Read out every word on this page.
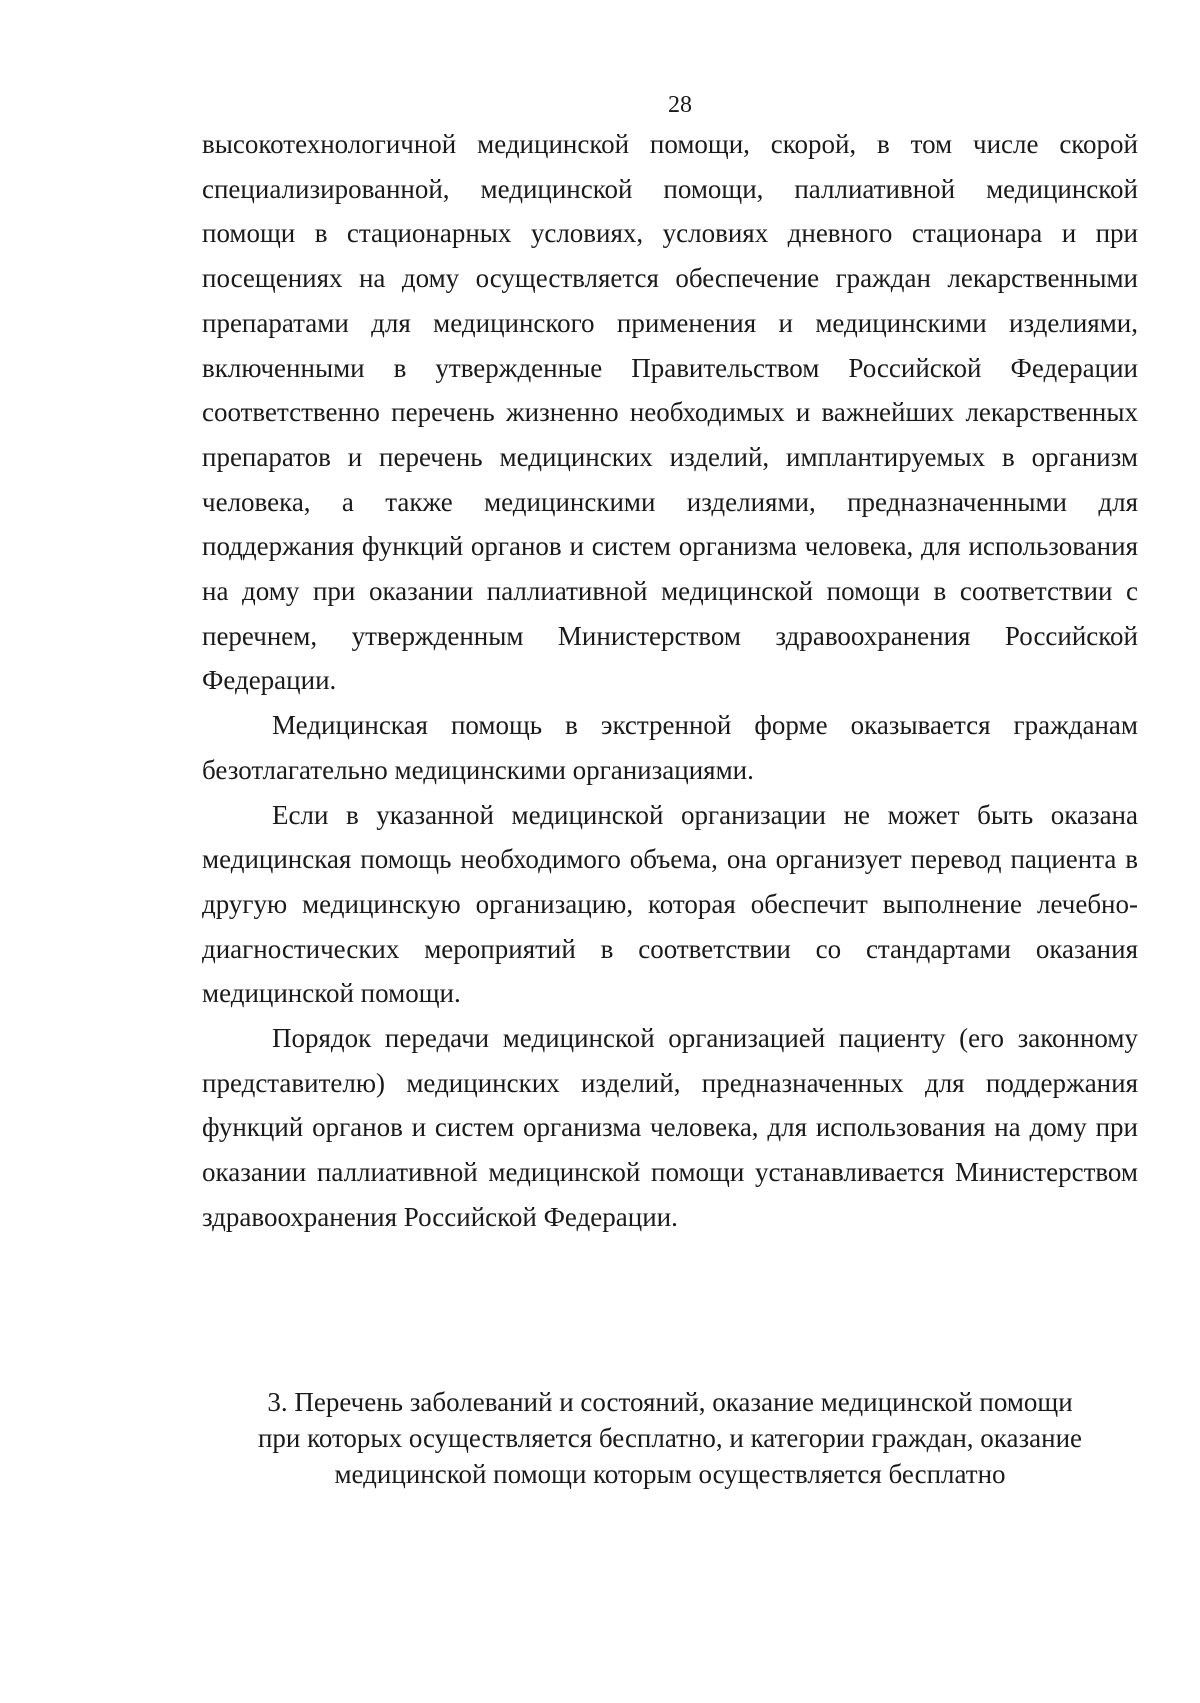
28

высокотехнологичной медицинской помощи, скорой, в том числе скорой специализированной, медицинской помощи, паллиативной медицинской помощи в стационарных условиях, условиях дневного стационара и при посещениях на дому осуществляется обеспечение граждан лекарственными препаратами для медицинского применения и медицинскими изделиями, включенными в утвержденные Правительством Российской Федерации соответственно перечень жизненно необходимых и важнейших лекарственных препаратов и перечень медицинских изделий, имплантируемых в организм человека, а также медицинскими изделиями, предназначенными для поддержания функций органов и систем организма человека, для использования на дому при оказании паллиативной медицинской помощи в соответствии с перечнем, утвержденным Министерством здравоохранения Российской Федерации.

Медицинская помощь в экстренной форме оказывается гражданам безотлагательно медицинскими организациями.

Если в указанной медицинской организации не может быть оказана медицинская помощь необходимого объема, она организует перевод пациента в другую медицинскую организацию, которая обеспечит выполнение лечебно-диагностических мероприятий в соответствии со стандартами оказания медицинской помощи.

Порядок передачи медицинской организацией пациенту (его законному представителю) медицинских изделий, предназначенных для поддержания функций органов и систем организма человека, для использования на дому при оказании паллиативной медицинской помощи устанавливается Министерством здравоохранения Российской Федерации.

3. Перечень заболеваний и состояний, оказание медицинской помощи
при которых осуществляется бесплатно, и категории граждан, оказание
медицинской помощи которым осуществляется бесплатно
